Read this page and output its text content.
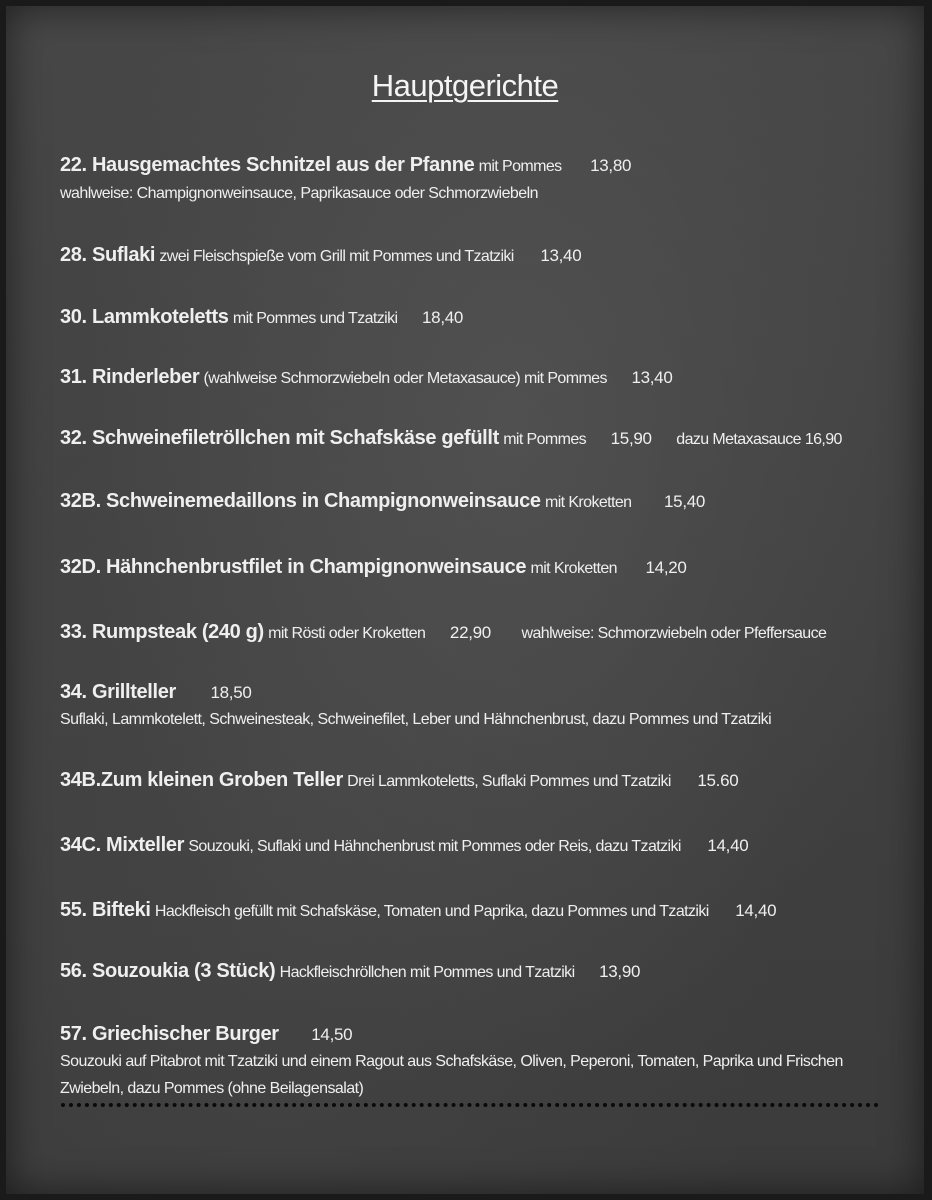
Hauptgerichte
22. Hausgemachtes Schnitzel aus der Pfanne mit Pommes 13,80
wahlweise: Champignonweinsauce, Paprikasauce oder Schmorzwiebeln
28. Suflaki zwei Fleischspieße vom Grill mit Pommes und Tzatziki 13,40
30. Lammkoteletts mit Pommes und Tzatziki 18,40
31. Rinderleber (wahlweise Schmorzwiebeln oder Metaxasauce) mit Pommes 13,40
32. Schweinefiletröllchen mit Schafskäse gefüllt mit Pommes 15,90 dazu Metaxasauce 16,90
32B. Schweinemedaillons in Champignonweinsauce mit Kroketten 15,40
32D. Hähnchenbrustfilet in Champignonweinsauce mit Kroketten 14,20
33. Rumpsteak (240 g) mit Rösti oder Kroketten 22,90 wahlweise: Schmorzwiebeln oder Pfeffersauce
34. Grillteller 18,50
Suflaki, Lammkotelett, Schweinesteak, Schweinefilet, Leber und Hähnchenbrust, dazu Pommes und Tzatziki
34B.Zum kleinen Groben Teller Drei Lammkoteletts, Suflaki Pommes und Tzatziki 15.60
34C. Mixteller Souzouki, Suflaki und Hähnchenbrust mit Pommes oder Reis, dazu Tzatziki 14,40
55. Bifteki Hackfleisch gefüllt mit Schafskäse, Tomaten und Paprika, dazu Pommes und Tzatziki 14,40
56. Souzoukia (3 Stück) Hackfleischröllchen mit Pommes und Tzatziki 13,90
57. Griechischer Burger 14,50
Souzouki auf Pitabrot mit Tzatziki und einem Ragout aus Schafskäse, Oliven, Peperoni, Tomaten, Paprika und Frischen Zwiebeln, dazu Pommes (ohne Beilagensalat)
